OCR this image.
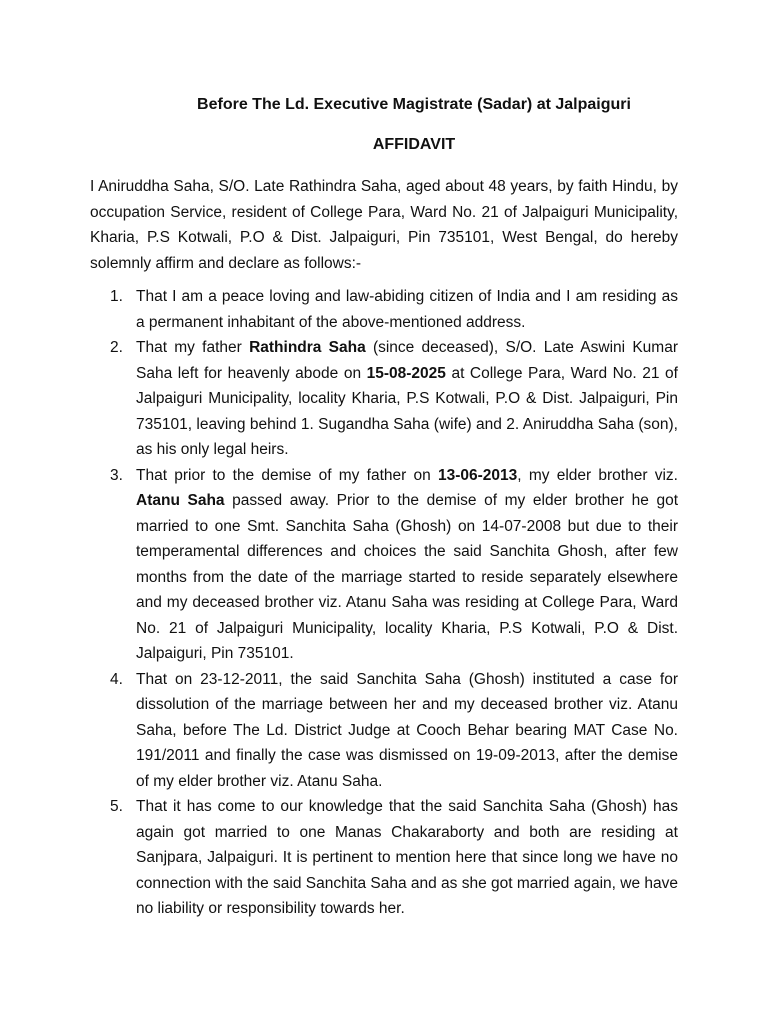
Before The Ld. Executive Magistrate (Sadar) at Jalpaiguri
AFFIDAVIT

I Aniruddha Saha, S/O. Late Rathindra Saha, aged about 48 years, by faith Hindu, by occupation Service, resident of College Para, Ward No. 21 of Jalpaiguri Municipality, Kharia, P.S Kotwali, P.O & Dist. Jalpaiguri, Pin 735101, West Bengal, do hereby solemnly affirm and declare as follows:-

1. That I am a peace loving and law-abiding citizen of India and I am residing as a permanent inhabitant of the above-mentioned address.
2. That my father Rathindra Saha (since deceased), S/O. Late Aswini Kumar Saha left for heavenly abode on 15-08-2025 at College Para, Ward No. 21 of Jalpaiguri Municipality, locality Kharia, P.S Kotwali, P.O & Dist. Jalpaiguri, Pin 735101, leaving behind 1. Sugandha Saha (wife) and 2. Aniruddha Saha (son), as his only legal heirs.
3. That prior to the demise of my father on 13-06-2013, my elder brother viz. Atanu Saha passed away. Prior to the demise of my elder brother he got married to one Smt. Sanchita Saha (Ghosh) on 14-07-2008 but due to their temperamental differences and choices the said Sanchita Ghosh, after few months from the date of the marriage started to reside separately elsewhere and my deceased brother viz. Atanu Saha was residing at College Para, Ward No. 21 of Jalpaiguri Municipality, locality Kharia, P.S Kotwali, P.O & Dist. Jalpaiguri, Pin 735101.
4. That on 23-12-2011, the said Sanchita Saha (Ghosh) instituted a case for dissolution of the marriage between her and my deceased brother viz. Atanu Saha, before The Ld. District Judge at Cooch Behar bearing MAT Case No. 191/2011 and finally the case was dismissed on 19-09-2013, after the demise of my elder brother viz. Atanu Saha.
5. That it has come to our knowledge that the said Sanchita Saha (Ghosh) has again got married to one Manas Chakaraborty and both are residing at Sanjpara, Jalpaiguri. It is pertinent to mention here that since long we have no connection with the said Sanchita Saha and as she got married again, we have no liability or responsibility towards her.
